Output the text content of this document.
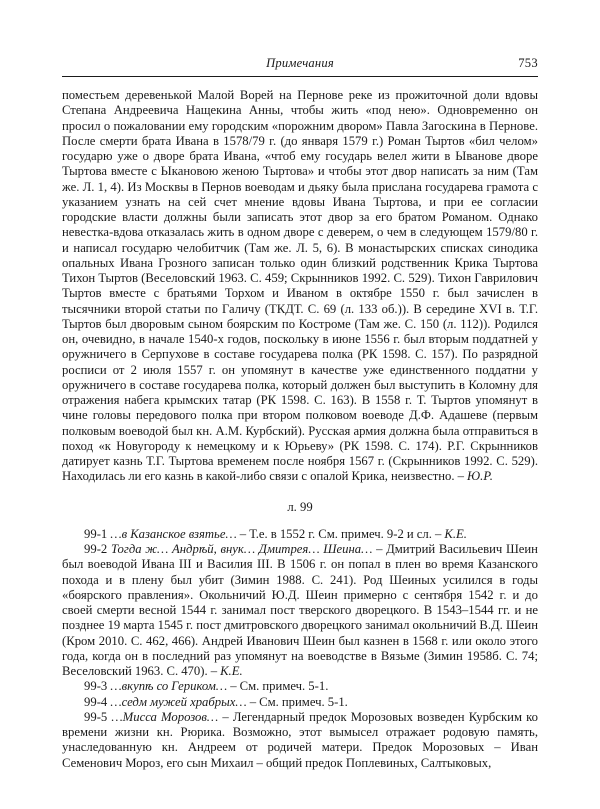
Примечания	753

поместьем деревенькой Малой Ворей на Пернове реке из прожиточной доли вдовы Степана Андреевича Нащекина Анны, чтобы жить «под нею». Одновременно он просил о пожаловании ему городским «порожним двором» Павла Загоскина в Пернове. После смерти брата Ивана в 1578/79 г. (до января 1579 г.) Роман Тыртов «бил челом» государю уже о дворе брата Ивана, «чтоб ему государь велел жити в Ыванове дворе Тыртова вместе с Ыкановою женою Тыртова» и чтобы этот двор написать за ним (Там же. Л. 1, 4). Из Москвы в Пернов воеводам и дьяку была прислана государева грамота с указанием узнать на сей счет мнение вдовы Ивана Тыртова, и при ее согласии городские власти должны были записать этот двор за его братом Романом. Однако невестка-вдова отказалась жить в одном дворе с деверем, о чем в следующем 1579/80 г. и написал государю челобитчик (Там же. Л. 5, 6). В монастырских списках синодика опальных Ивана Грозного записан только один близкий родственник Крика Тыртова Тихон Тыртов (Веселовский 1963. С. 459; Скрынников 1992. С. 529). Тихон Гаврилович Тыртов вместе с братьями Торхом и Иваном в октябре 1550 г. был зачислен в тысячники второй статьи по Галичу (ТКДТ. С. 69 (л. 133 об.)). В середине XVI в. Т.Г. Тыртов был дворовым сыном боярским по Костроме (Там же. С. 150 (л. 112)). Родился он, очевидно, в начале 1540-х годов, поскольку в июне 1556 г. был вторым поддатней у оружничего в Серпухове в составе государева полка (РК 1598. С. 157). По разрядной росписи от 2 июля 1557 г. он упомянут в качестве уже единственного поддатни у оружничего в составе государева полка, который должен был выступить в Коломну для отражения набега крымских татар (РК 1598. С. 163). В 1558 г. Т. Тыртов упомянут в чине головы передового полка при втором полковом воеводе Д.Ф. Адашеве (первым полковым воеводой был кн. А.М. Курбский). Русская армия должна была отправиться в поход «к Новугороду к немецкому и к Юрьеву» (РК 1598. С. 174). Р.Г. Скрынников датирует казнь Т.Г. Тыртова временем после ноября 1567 г. (Скрынников 1992. С. 529). Находилась ли его казнь в какой-либо связи с опалой Крика, неизвестно. – Ю.Р.

л. 99

99-1 …в Казанское взятье… – Т.е. в 1552 г. См. примеч. 9-2 и сл. – К.Е.

99-2 Тогда ж… Андрѣй, внук… Дмитрея… Шеина… – Дмитрий Васильевич Шеин был воеводой Ивана III и Василия III. В 1506 г. он попал в плен во время Казанского похода и в плену был убит (Зимин 1988. С. 241). Род Шеиных усилился в годы «боярского правления». Окольничий Ю.Д. Шеин примерно с сентября 1542 г. и до своей смерти весной 1544 г. занимал пост тверского дворецкого. В 1543–1544 гг. и не позднее 19 марта 1545 г. пост дмитровского дворецкого занимал окольничий В.Д. Шеин (Кром 2010. С. 462, 466). Андрей Иванович Шеин был казнен в 1568 г. или около этого года, когда он в последний раз упомянут на воеводстве в Вязьме (Зимин 1958б. С. 74; Веселовский 1963. С. 470). – К.Е.

99-3 …вкупѣ со Гериком… – См. примеч. 5-1.

99-4 …седм мужей храбрых… – См. примеч. 5-1.

99-5 …Мисса Морозов… – Легендарный предок Морозовых возведен Курбским ко времени жизни кн. Рюрика. Возможно, этот вымысел отражает родовую память, унаследованную кн. Андреем от родичей матери. Предок Морозовых – Иван Семенович Мороз, его сын Михаил – общий предок Поплевиных, Салтыковых,
